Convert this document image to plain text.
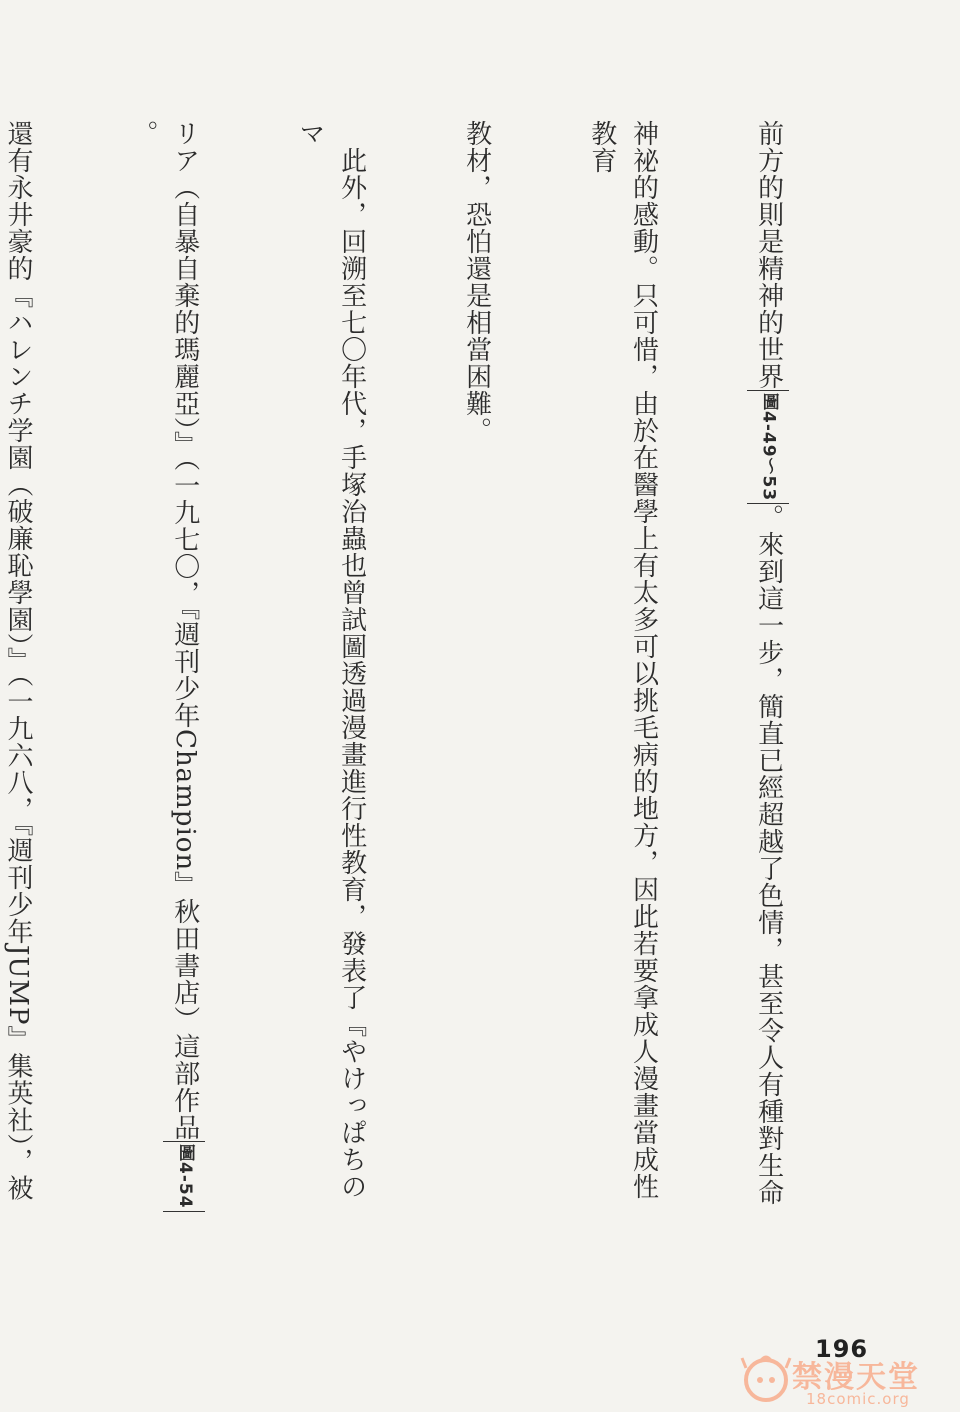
前方的則是精神的世界圖4-49～53。來到這一步，簡直已經超越了色情，甚至令人有種對生命

神祕的感動。只可惜，由於在醫學上有太多可以挑毛病的地方，因此若要拿成人漫畫當成性教育

教材，恐怕還是相當困難。

　此外，回溯至七〇年代，手塚治蟲也曾試圖透過漫畫進行性教育，發表了『やけっぱちのマ

リア（自暴自棄的瑪麗亞）』（一九七〇，『週刊少年Champion』秋田書店）這部作品圖4-54。

還有永井豪的『ハレンチ学園（破廉恥學園）』（一九六八，『週刊少年JUMP』集英社），被

196
禁漫天堂
18comic.org
